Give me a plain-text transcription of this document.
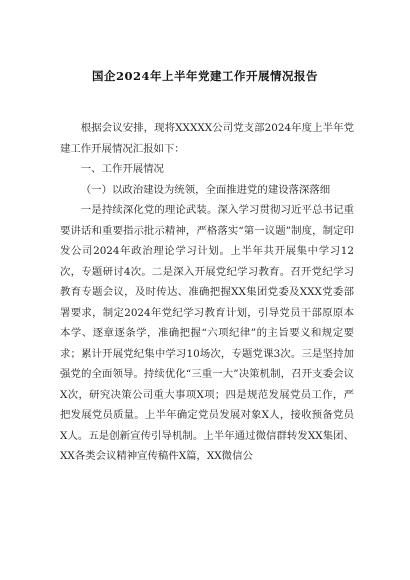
国企2024年上半年党建工作开展情况报告

根据会议安排，现将XXXXX公司党支部2024年度上半年党建工作开展情况汇报如下：

一、工作开展情况

（一）以政治建设为统领，全面推进党的建设落深落细

一是持续深化党的理论武装。深入学习贯彻习近平总书记重要讲话和重要指示批示精神，严格落实“第一议题”制度，制定印发公司2024年政治理论学习计划。上半年共开展集中学习12次，专题研讨4次。二是深入开展党纪学习教育。召开党纪学习教育专题会议，及时传达、准确把握XX集团党委及XXX党委部署要求，制定2024年党纪学习教育计划，引导党员干部原原本本学、逐章逐条学，准确把握“六项纪律”的主旨要义和规定要求；累计开展党纪集中学习10场次，专题党课3次。三是坚持加强党的全面领导。持续优化“三重一大”决策机制，召开支委会议X次，研究决策公司重大事项X项；四是规范发展党员工作，严把发展党员质量。上半年确定党员发展对象X人，接收预备党员X人。五是创新宣传引导机制。上半年通过微信群转发XX集团、XX各类会议精神宣传稿件X篇，XX微信公
